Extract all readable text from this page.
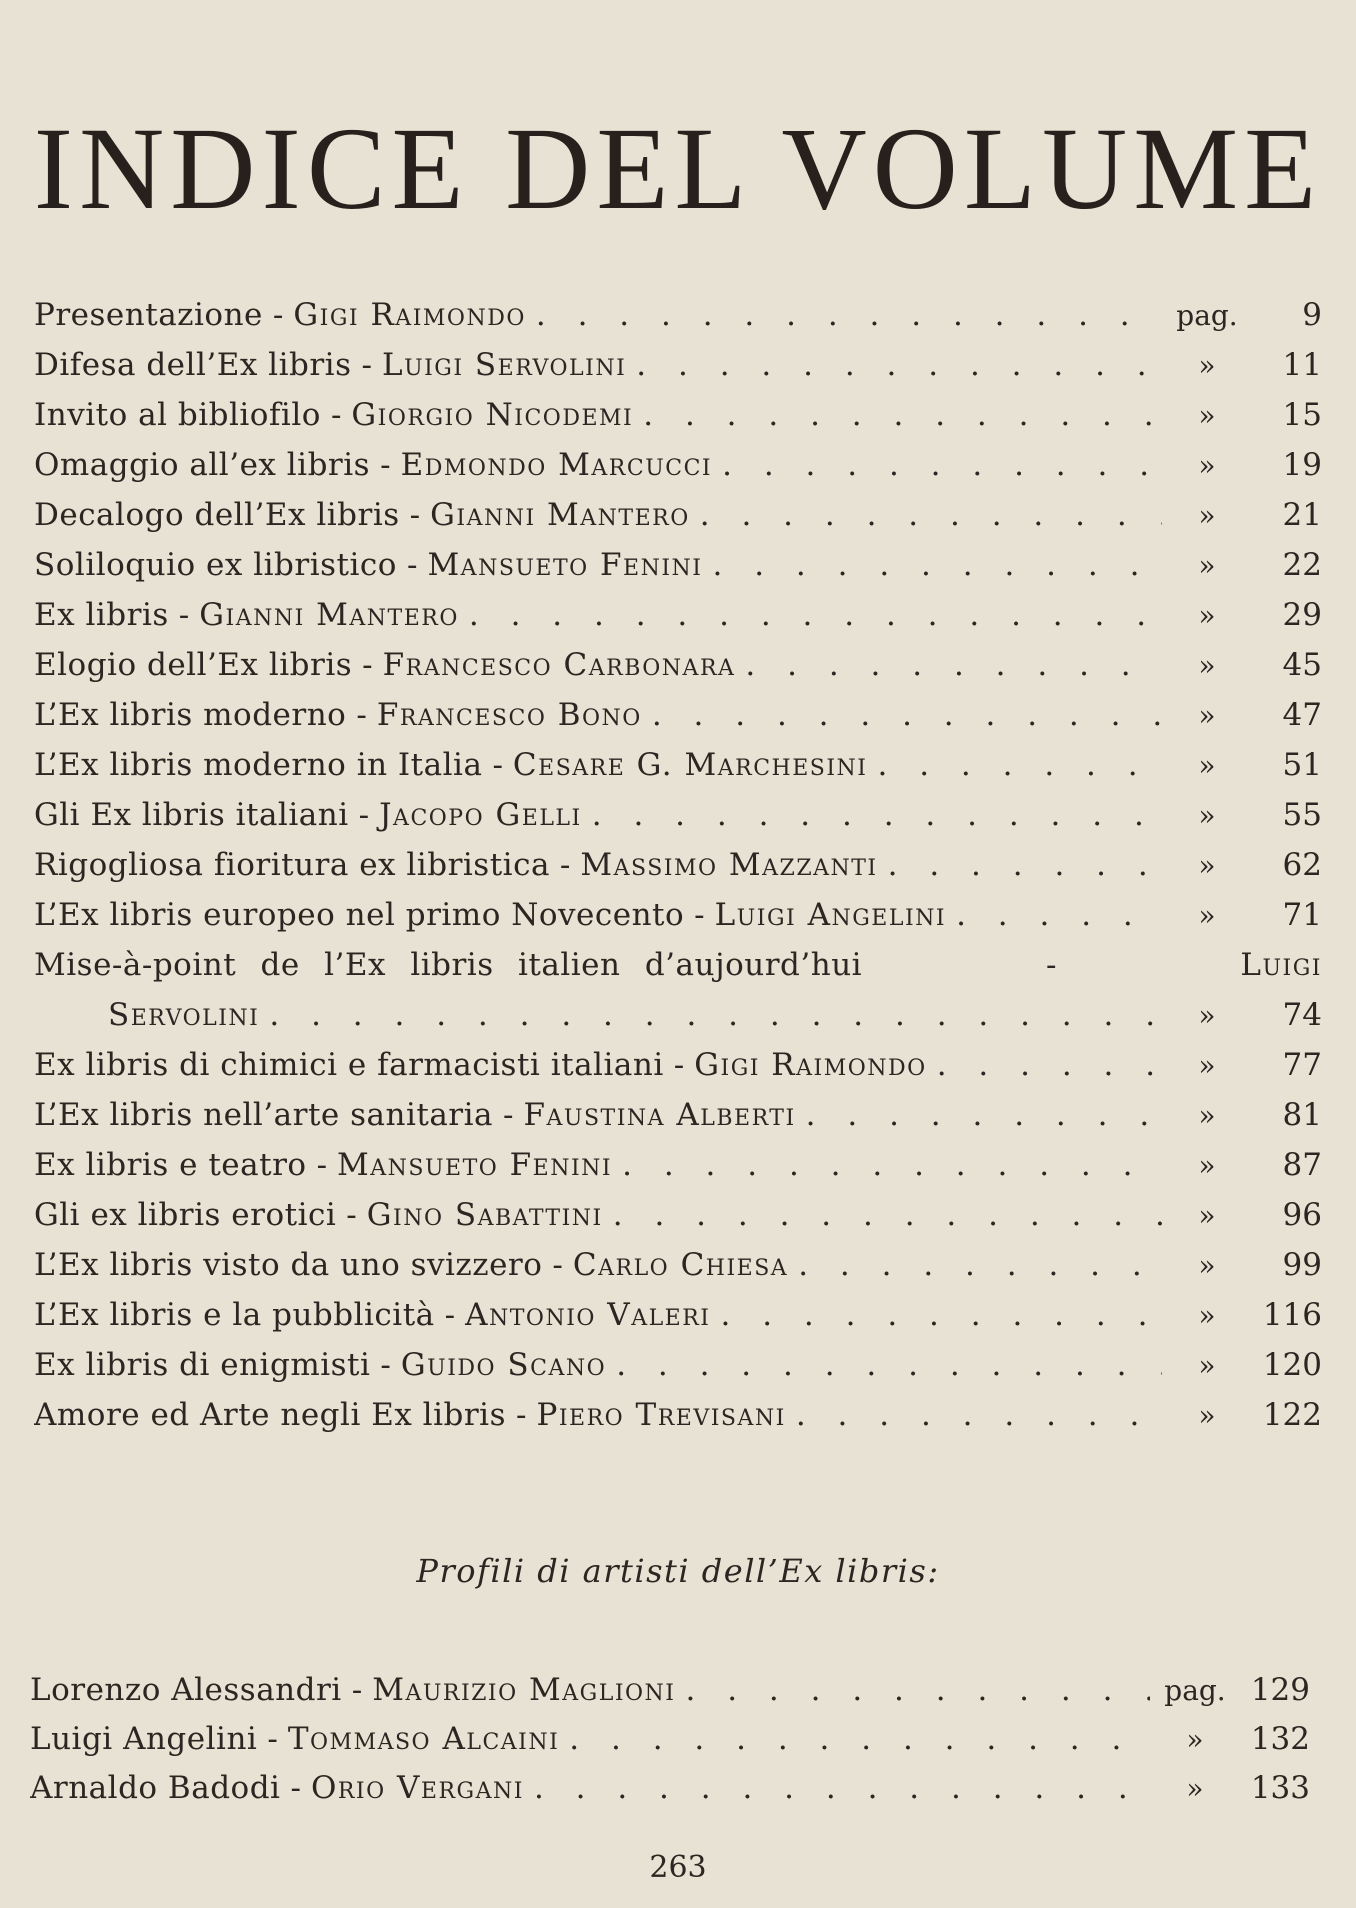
INDICE DEL VOLUME
Presentazione - Gigi Raimondo . . .	pag.	9
Difesa dell’Ex libris - Luigi Servolini . . .	»	11
Invito al bibliofilo - Giorgio Nicodemi . . .	»	15
Omaggio all’ex libris - Edmondo Marcucci . . .	»	19
Decalogo dell’Ex libris - Gianni Mantero . . .	»	21
Soliloquio ex libristico - Mansueto Fenini . . .	»	22
Ex libris - Gianni Mantero . . .	»	29
Elogio dell’Ex libris - Francesco Carbonara . . .	»	45
L’Ex libris moderno - Francesco Bono . . .	»	47
L’Ex libris moderno in Italia - Cesare G. Marchesini . . .	»	51
Gli Ex libris italiani - Jacopo Gelli . . .	»	55
Rigogliosa fioritura ex libristica - Massimo Mazzanti . . .	»	62
L’Ex libris europeo nel primo Novecento - Luigi Angelini . . .	»	71
Mise-à-point de l’Ex libris italien d’aujourd’hui	-	Luigi
Servolini . . .	»	74
Ex libris di chimici e farmacisti italiani - Gigi Raimondo . . .	»	77
L’Ex libris nell’arte sanitaria - Faustina Alberti . . .	»	81
Ex libris e teatro - Mansueto Fenini . . .	»	87
Gli ex libris erotici - Gino Sabattini . . .	»	96
L’Ex libris visto da uno svizzero - Carlo Chiesa . . .	»	99
L’Ex libris e la pubblicità - Antonio Valeri . . .	»	116
Ex libris di enigmisti - Guido Scano . . .	»	120
Amore ed Arte negli Ex libris - Piero Trevisani . . .	»	122
Profili di artisti dell’Ex libris:
Lorenzo Alessandri - Maurizio Maglioni . . .	pag. 129
Luigi Angelini - Tommaso Alcaini . . .	»	132
Arnaldo Badodi - Orio Vergani . . .	»	133
263
